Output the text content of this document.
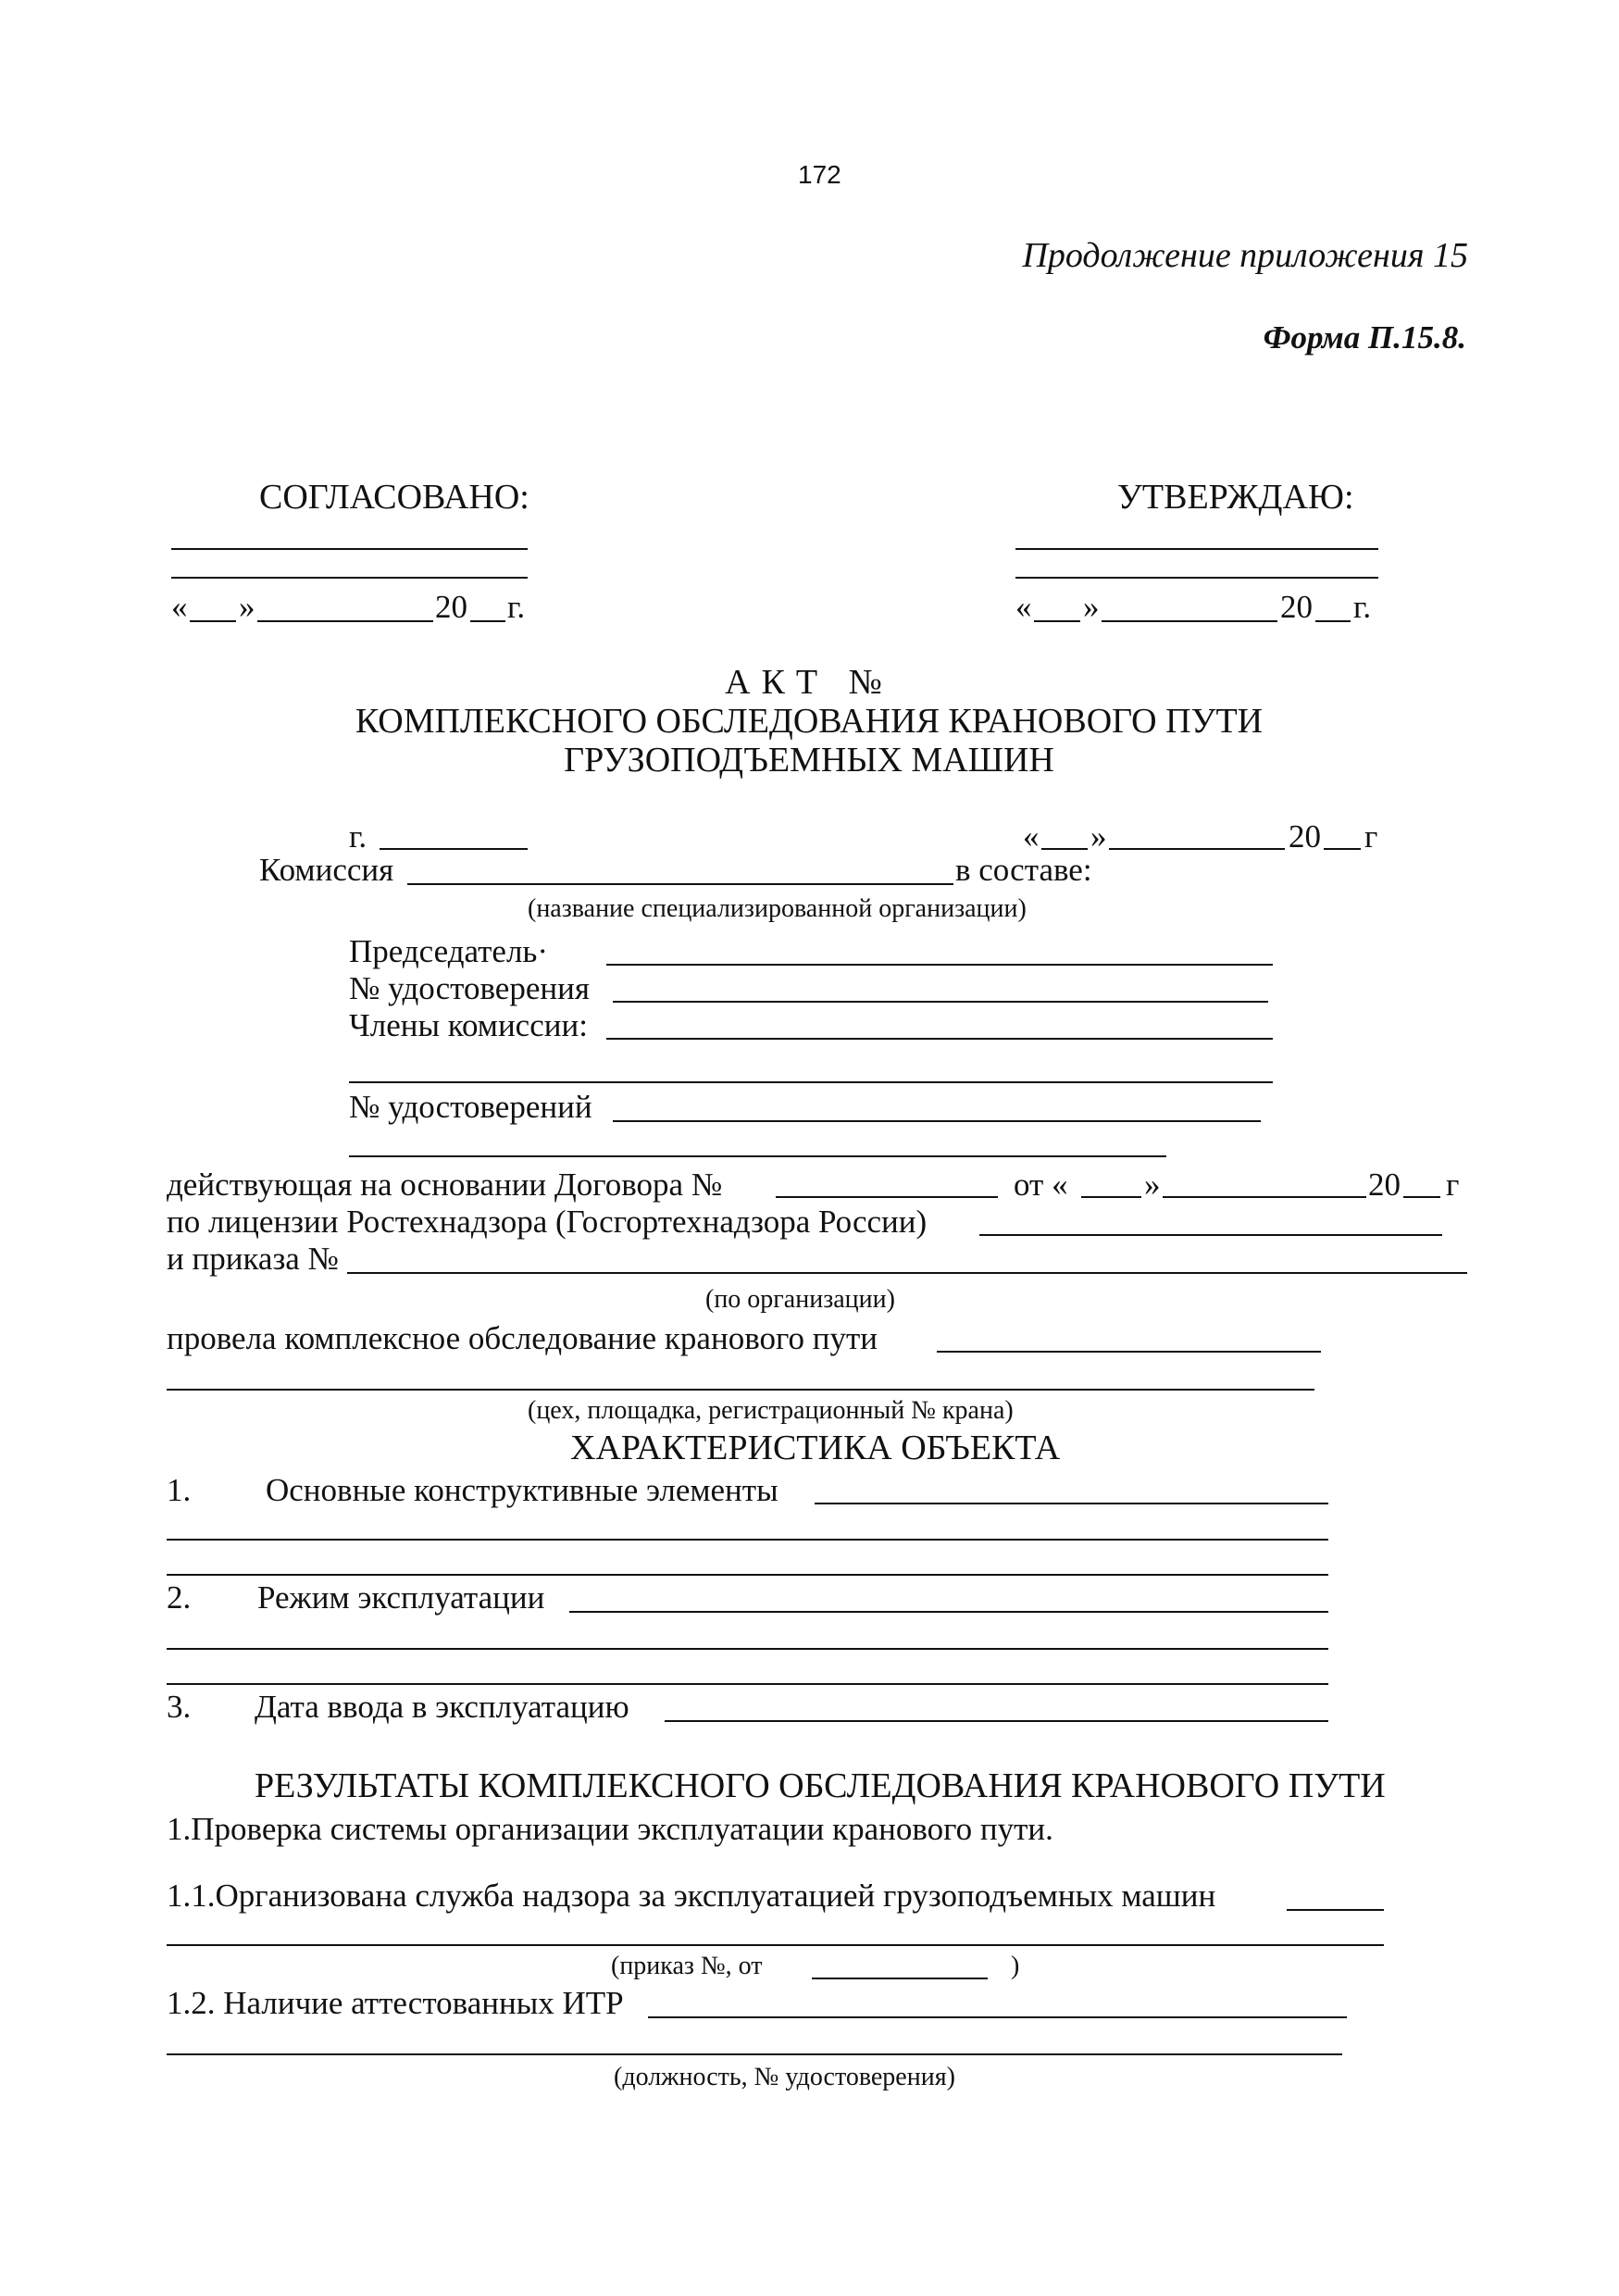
172
Продолжение приложения 15
Форма П.15.8.
СОГЛАСОВАНО:	УТВЕРЖДАЮ:
« »	20 г.	« »	20 г.
АКТ №
КОМПЛЕКСНОГО ОБСЛЕДОВАНИЯ КРАНОВОГО ПУТИ
ГРУЗОПОДЪЕМНЫХ МАШИН
г.	« »	20 г
Комиссия	в составе:
(название специализированной организации)
Председатель·
№ удостоверения
Члены комиссии:
№ удостоверений
действующая на основании Договора №	от « »	20 г
по лицензии Ростехнадзора (Госгортехнадзора России)
и приказа №
(по организации)
провела комплексное обследование кранового пути
(цех, площадка, регистрационный № крана)
ХАРАКТЕРИСТИКА ОБЪЕКТА
1. Основные конструктивные элементы
2. Режим эксплуатации
3. Дата ввода в эксплуатацию
РЕЗУЛЬТАТЫ КОМПЛЕКСНОГО ОБСЛЕДОВАНИЯ КРАНОВОГО ПУТИ
1.Проверка системы организации эксплуатации кранового пути.
1.1.Организована служба надзора за эксплуатацией грузоподъемных машин
(приказ №, от	)
1.2. Наличие аттестованных ИТР
(должность, № удостоверения)
